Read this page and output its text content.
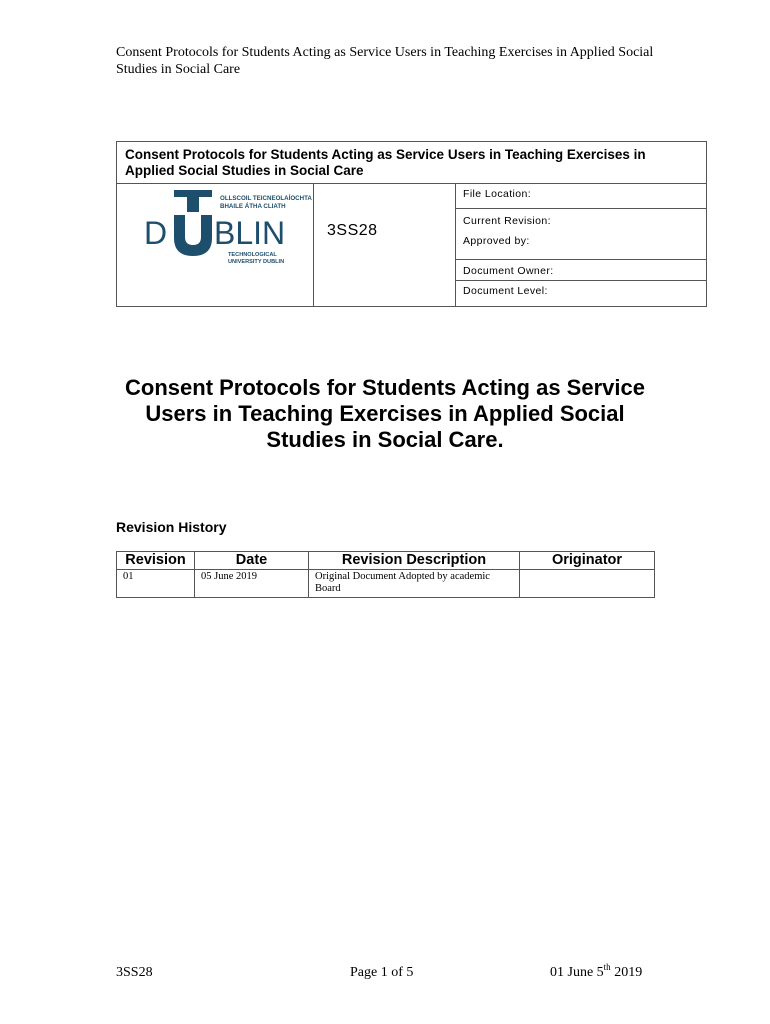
Consent Protocols for Students Acting as Service Users in Teaching Exercises in Applied Social Studies in Social Care
Consent Protocols for Students Acting as Service Users in Teaching Exercises in Applied Social Studies in Social Care
OLLSCOIL TEICNEOLAÍOCHTA
BHAILE ÁTHA CLIATH
D BLIN
TECHNOLOGICAL
UNIVERSITY DUBLIN
3SS28
File Location:
Current Revision:
Approved by:
Document Owner:
Document Level:
Consent Protocols for Students Acting as Service Users in Teaching Exercises in Applied Social Studies in Social Care.
Revision History
Revision	Date	Revision Description	Originator
01	05 June 2019	Original Document Adopted by academic Board	
3SS28	Page 1 of 5	01 June 5th 2019
